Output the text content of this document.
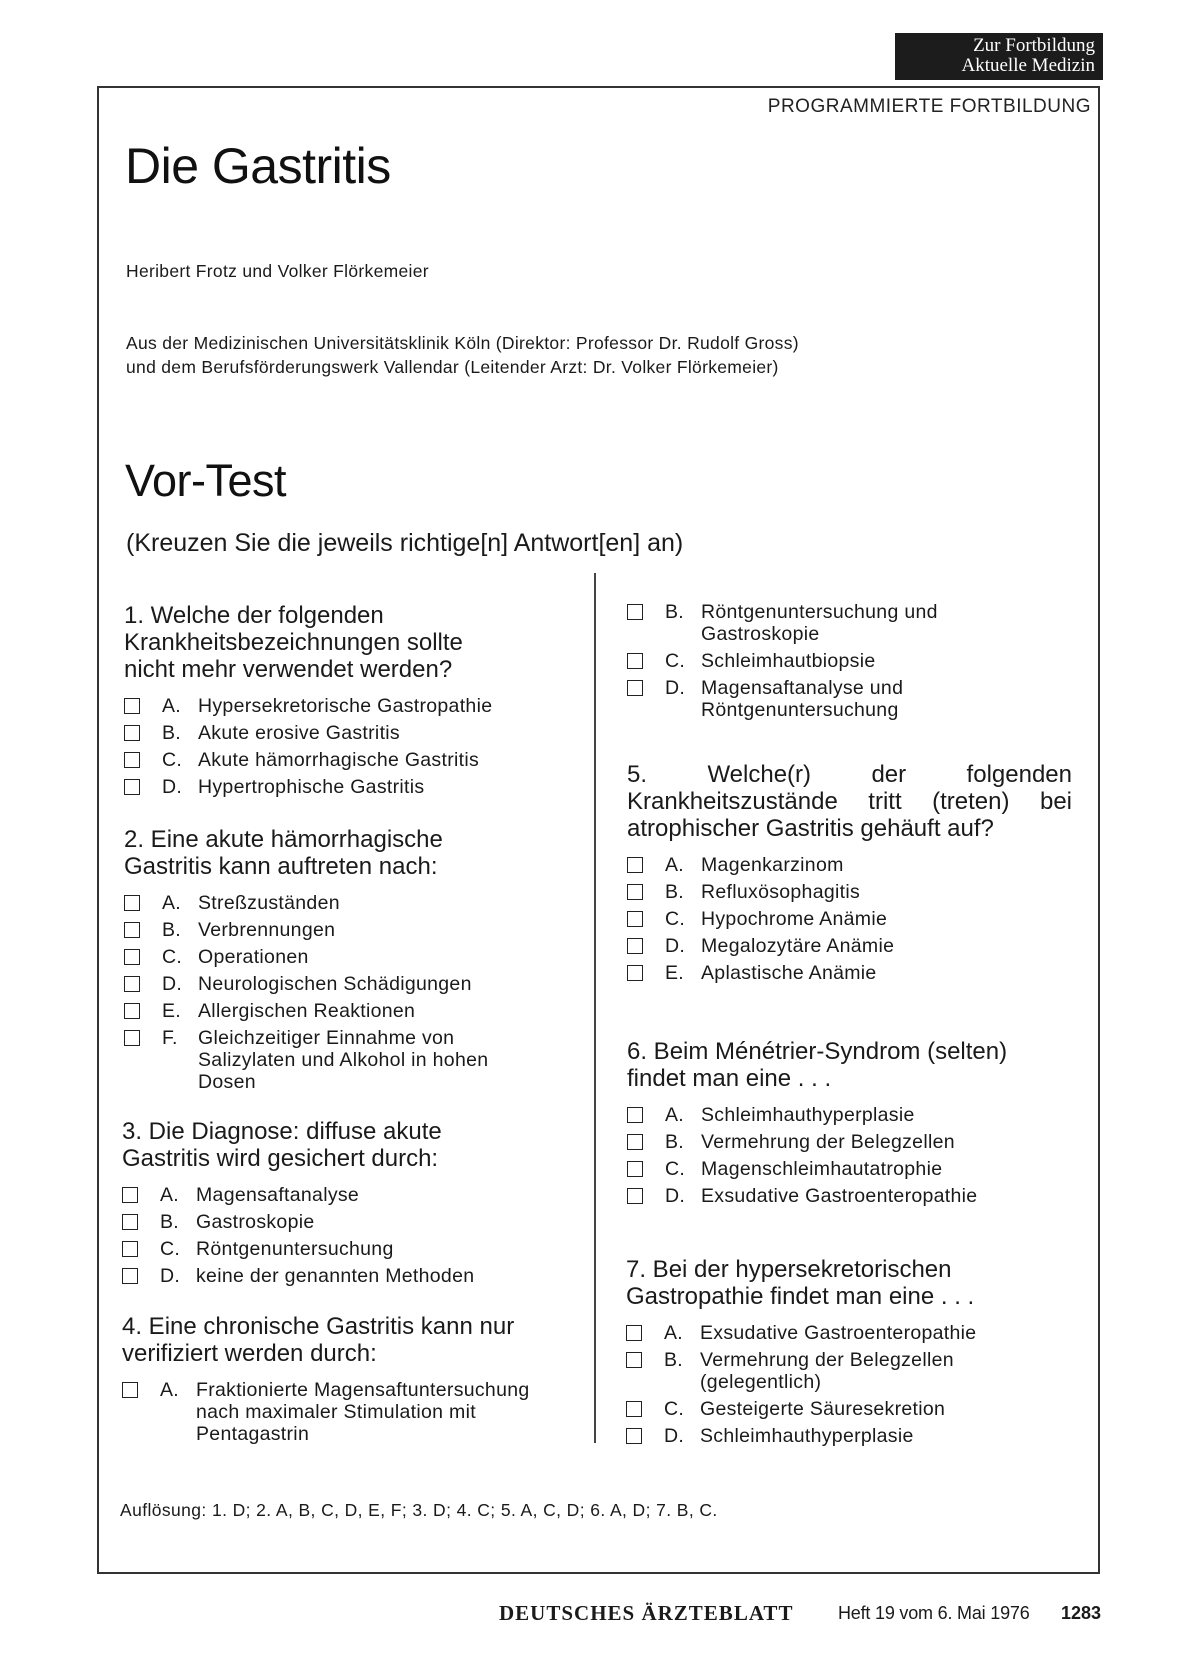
Zur Fortbildung
Aktuelle Medizin
PROGRAMMIERTE FORTBILDUNG
Die Gastritis
Heribert Frotz und Volker Flörkemeier
Aus der Medizinischen Universitätsklinik Köln (Direktor: Professor Dr. Rudolf Gross)
und dem Berufsförderungswerk Vallendar (Leitender Arzt: Dr. Volker Flörkemeier)
Vor-Test
(Kreuzen Sie die jeweils richtige[n] Antwort[en] an)

1. Welche der folgenden
Krankheitsbezeichnungen sollte
nicht mehr verwendet werden?

A. Hypersekretorische Gastropathie
B. Akute erosive Gastritis
C. Akute hämorrhagische Gastritis
D. Hypertrophische Gastritis

2. Eine akute hämorrhagische
Gastritis kann auftreten nach:

A. Streßzuständen
B. Verbrennungen
C. Operationen
D. Neurologischen Schädigungen
E. Allergischen Reaktionen
F.	Gleichzeitiger Einnahme von Salizylaten und Alkohol in hohen Dosen

3. Die Diagnose: diffuse akute
Gastritis wird gesichert durch:

A. Magensaftanalyse
B. Gastroskopie
C. Röntgenuntersuchung
D. keine der genannten Methoden

4. Eine chronische Gastritis kann nur
verifiziert werden durch:

A. Fraktionierte Magensaftuntersuchung nach maximaler Stimulation mit Pentagastrin
B. Röntgenuntersuchung und Gastroskopie
C. Schleimhautbiopsie
D. Magensaftanalyse und Röntgenuntersuchung

5. Welche(r) der folgenden Krankheitszustände tritt (treten) bei atrophischer Gastritis gehäuft auf?

A. Magenkarzinom
B. Refluxösophagitis
C. Hypochrome Anämie
D. Megalozytäre Anämie
E. Aplastische Anämie

6. Beim Ménétrier-Syndrom (selten)
findet man eine . . .

A. Schleimhauthyperplasie
B. Vermehrung der Belegzellen
C. Magenschleimhautatrophie
D. Exsudative Gastroenteropathie

7. Bei der hypersekretorischen
Gastropathie findet man eine . . .

A. Exsudative Gastroenteropathie
B. Vermehrung der Belegzellen (gelegentlich)
C. Gesteigerte Säuresekretion
D. Schleimhauthyperplasie
Auflösung: 1. D; 2. A, B, C, D, E, F; 3. D; 4. C; 5. A, C, D; 6. A, D; 7. B, C.
DEUTSCHES ÄRZTEBLATT Heft 19 vom 6. Mai 1976 1283
